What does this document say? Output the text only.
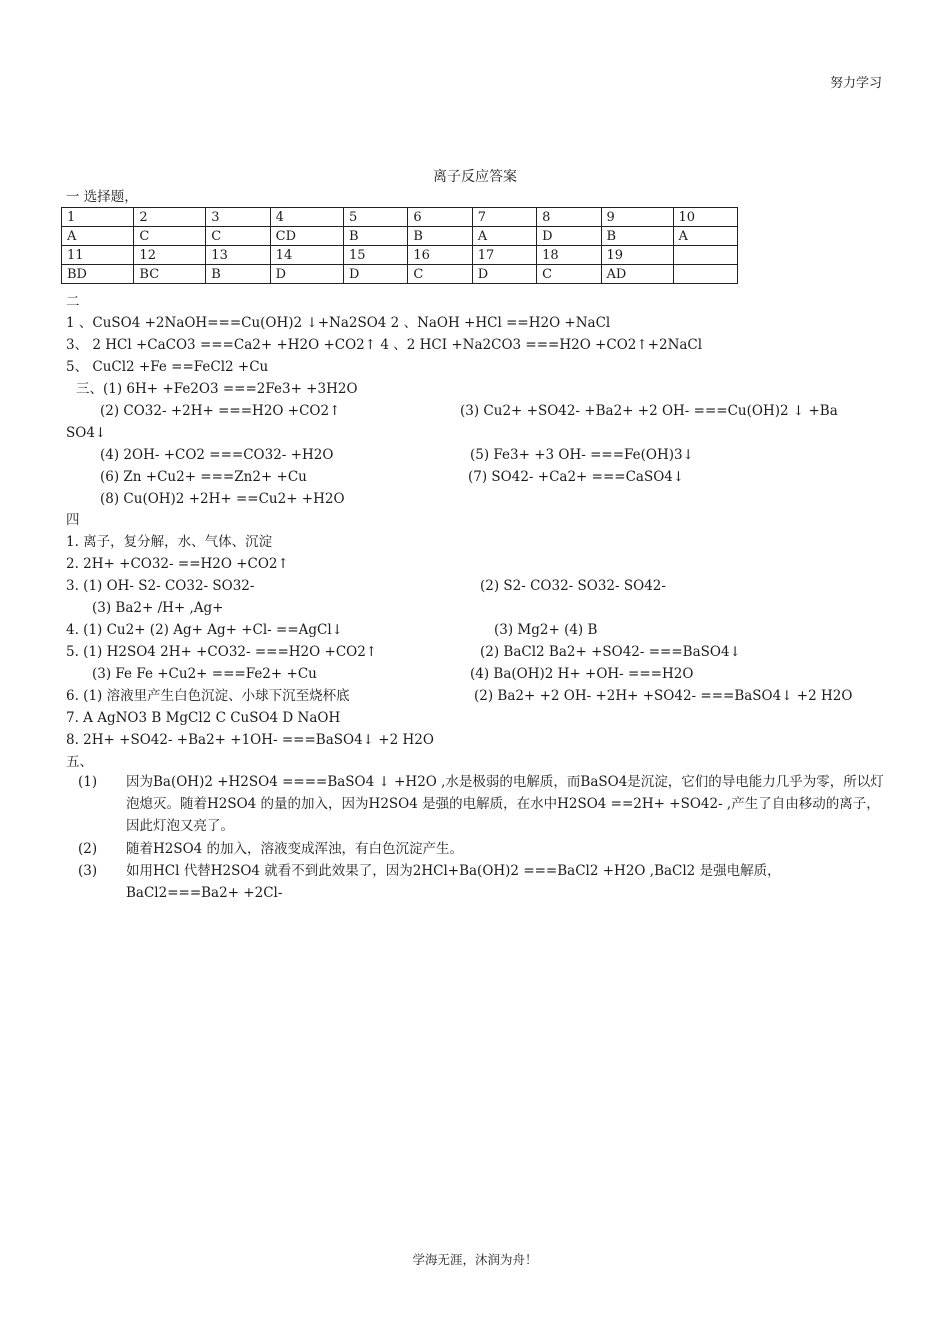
努力学习
离子反应答案
一 选择题，
1	2	3	4	5	6	7	8	9	10
A	C	C	CD	B	B	A	D	B	A
11	12	13	14	15	16	17	18	19	
BD	BC	B	D	D	C	D	C	AD	
二
1 、CuSO4 +2NaOH===Cu(OH)2 ↓+Na2SO4 2 、NaOH +HCl ==H2O +NaCl
3、 2 HCl +CaCO3 ===Ca2+ +H2O +CO2↑ 4 、2 HCI +Na2CO3 ===H2O +CO2↑+2NaCl
5、 CuCl2 +Fe ==FeCl2 +Cu
三、(1) 6H+ +Fe2O3 ===2Fe3+ +3H2O
(2) CO32- +2H+ ===H2O +CO2↑	(3) Cu2+ +SO42- +Ba2+ +2 OH- ===Cu(OH)2 ↓ +Ba
SO4↓
(4) 2OH- +CO2 ===CO32- +H2O	(5) Fe3+ +3 OH- ===Fe(OH)3↓
(6) Zn +Cu2+ ===Zn2+ +Cu	(7) SO42- +Ca2+ ===CaSO4↓
(8) Cu(OH)2 +2H+ ==Cu2+ +H2O
四
1. 离子，复分解，水、气体、沉淀
2. 2H+ +CO32- ==H2O +CO2↑
3. (1) OH- S2- CO32- SO32-	(2) S2- CO32- SO32- SO42-
(3) Ba2+ /H+ ,Ag+
4. (1) Cu2+ (2) Ag+ Ag+ +Cl- ==AgCl↓	(3) Mg2+ (4) B
5. (1) H2SO4 2H+ +CO32- ===H2O +CO2↑	(2) BaCl2 Ba2+ +SO42- ===BaSO4↓
(3) Fe Fe +Cu2+ ===Fe2+ +Cu	(4) Ba(OH)2 H+ +OH- ===H2O
6. (1) 溶液里产生白色沉淀、小球下沉至烧杯底	(2) Ba2+ +2 OH- +2H+ +SO42- ===BaSO4↓ +2 H2O
7. A AgNO3 B MgCl2 C CuSO4 D NaOH
8. 2H+ +SO42- +Ba2+ +1OH- ===BaSO4↓ +2 H2O
五、
(1) 因为Ba(OH)2 +H2SO4 ====BaSO4 ↓ +H2O ,水是极弱的电解质，而BaSO4是沉淀，它们的导电能力几乎为零，所以灯泡熄灭。随着H2SO4 的量的加入，因为H2SO4 是强的电解质，在水中H2SO4 ==2H+ +SO42- ,产生了自由移动的离子，因此灯泡又亮了。
(2) 随着H2SO4 的加入，溶液变成浑浊，有白色沉淀产生。
(3) 如用HCl 代替H2SO4 就看不到此效果了，因为2HCl+Ba(OH)2 ===BaCl2 +H2O ,BaCl2 是强电解质，BaCl2===Ba2+ +2Cl-
学海无涯，沐润为舟！
